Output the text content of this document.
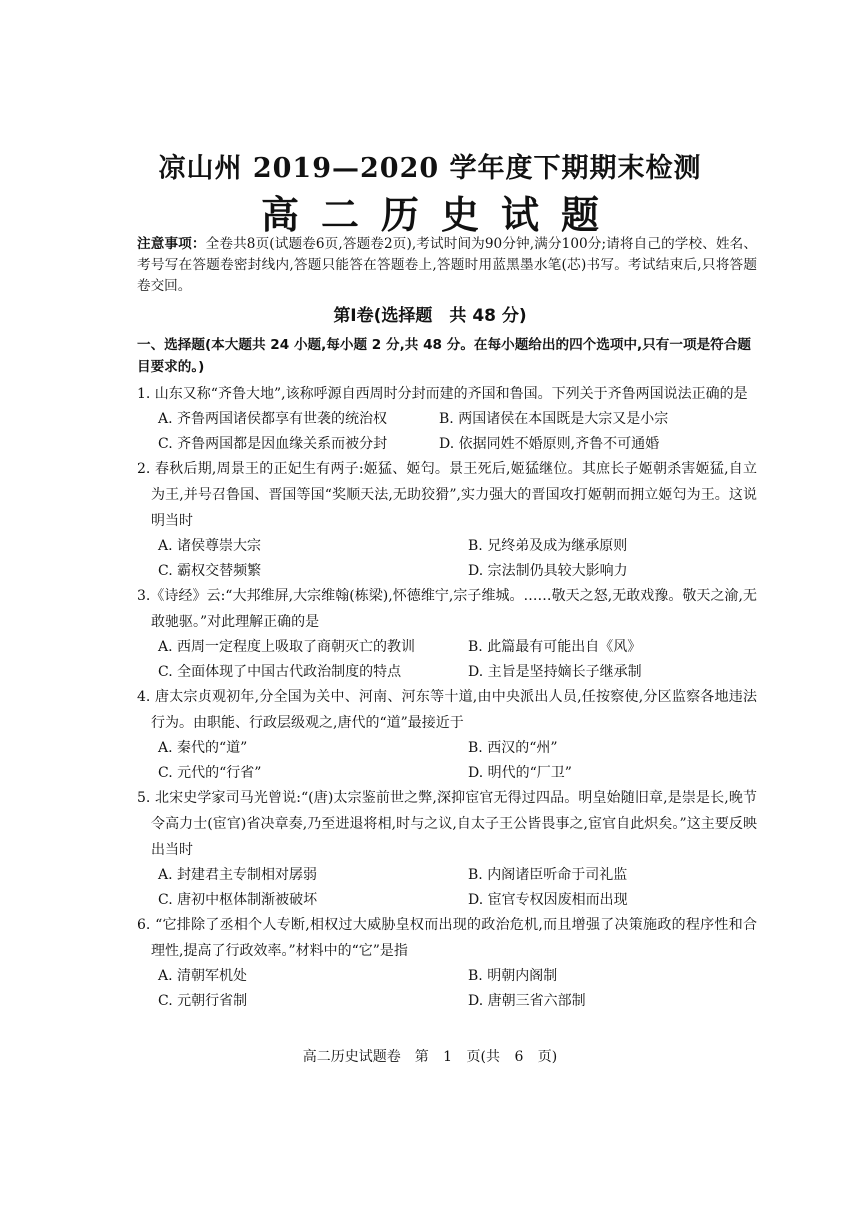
凉山州 2019—2020 学年度下期期末检测
高二历史试题
注意事项：全卷共8页(试题卷6页,答题卷2页),考试时间为90分钟,满分100分;请将自己的学校、姓名、考号写在答题卷密封线内,答题只能答在答题卷上,答题时用蓝黑墨水笔(芯)书写。考试结束后,只将答题卷交回。
第Ⅰ卷(选择题　共 48 分)
一、选择题(本大题共 24 小题,每小题 2 分,共 48 分。在每小题给出的四个选项中,只有一项是符合题目要求的。)
1. 山东又称“齐鲁大地”,该称呼源自西周时分封而建的齐国和鲁国。下列关于齐鲁两国说法正确的是
A. 齐鲁两国诸侯都享有世袭的统治权	B. 两国诸侯在本国既是大宗又是小宗
C. 齐鲁两国都是因血缘关系而被分封	D. 依据同姓不婚原则,齐鲁不可通婚
2. 春秋后期,周景王的正妃生有两子:姬猛、姬匄。景王死后,姬猛继位。其庶长子姬朝杀害姬猛,自立为王,并号召鲁国、晋国等国“奖顺天法,无助狡猾”,实力强大的晋国攻打姬朝而拥立姬匄为王。这说明当时
A. 诸侯尊崇大宗	B. 兄终弟及成为继承原则
C. 霸权交替频繁	D. 宗法制仍具较大影响力
3.《诗经》云:“大邦维屏,大宗维翰(栋梁),怀德维宁,宗子维城。……敬天之怒,无敢戏豫。敬天之渝,无敢驰驱。”对此理解正确的是
A. 西周一定程度上吸取了商朝灭亡的教训	B. 此篇最有可能出自《风》
C. 全面体现了中国古代政治制度的特点	D. 主旨是坚持嫡长子继承制
4. 唐太宗贞观初年,分全国为关中、河南、河东等十道,由中央派出人员,任按察使,分区监察各地违法行为。由职能、行政层级观之,唐代的“道”最接近于
A. 秦代的“道”	B. 西汉的“州”
C. 元代的“行省”	D. 明代的“厂卫”
5. 北宋史学家司马光曾说:“(唐)太宗鉴前世之弊,深抑宦官无得过四品。明皇始随旧章,是崇是长,晚节令高力士(宦官)省决章奏,乃至进退将相,时与之议,自太子王公皆畏事之,宦官自此炽矣。”这主要反映出当时
A. 封建君主专制相对孱弱	B. 内阁诸臣听命于司礼监
C. 唐初中枢体制渐被破坏	D. 宦官专权因废相而出现
6. “它排除了丞相个人专断,相权过大威胁皇权而出现的政治危机,而且增强了决策施政的程序性和合理性,提高了行政效率。”材料中的“它”是指
A. 清朝军机处	B. 明朝内阁制
C. 元朝行省制	D. 唐朝三省六部制
高二历史试题卷　第 1 页(共 6 页)
